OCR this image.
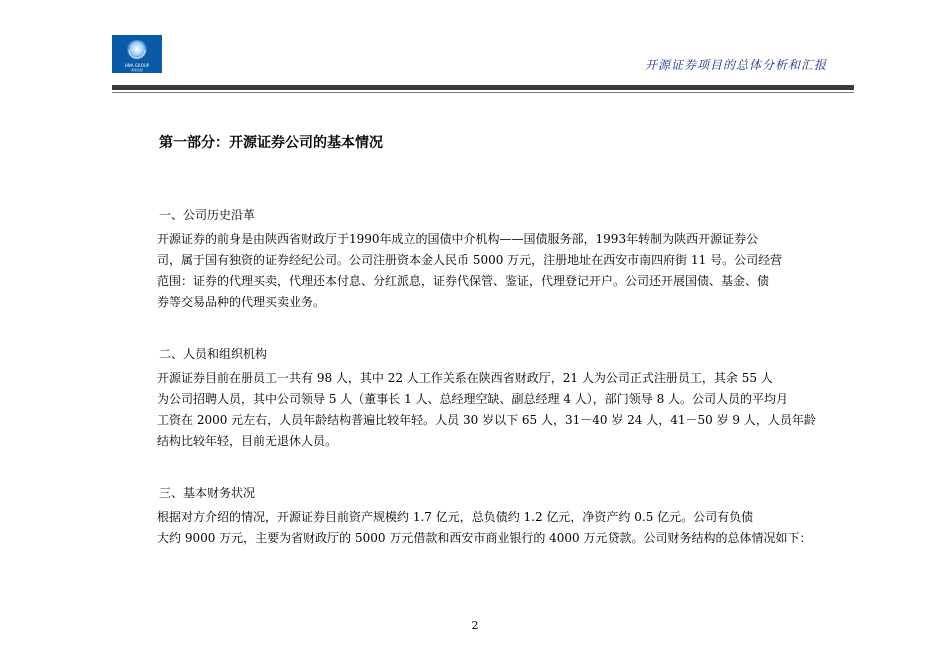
HNA GROUP
海航集团	开源证券项目的总体分析和汇报
第一部分：开源证券公司的基本情况

一、公司历史沿革

开源证券的前身是由陕西省财政厅于1990年成立的国债中介机构——国债服务部，1993年转制为陕西开源证券公

司，属于国有独资的证券经纪公司。公司注册资本金人民币 5000 万元，注册地址在西安市南四府街 11 号。公司经营

范围：证券的代理买卖，代理还本付息、分红派息，证券代保管、鉴证，代理登记开户。公司还开展国债、基金、债

券等交易品种的代理买卖业务。

二、人员和组织机构

开源证券目前在册员工一共有 98 人，其中 22 人工作关系在陕西省财政厅，21 人为公司正式注册员工，其余 55 人

为公司招聘人员，其中公司领导 5 人（董事长 1 人、总经理空缺、副总经理 4 人），部门领导 8 人。公司人员的平均月

工资在 2000 元左右，人员年龄结构普遍比较年轻。人员 30 岁以下 65 人，31－40 岁 24 人，41－50 岁 9 人，人员年龄

结构比较年轻，目前无退休人员。

三、基本财务状况

根据对方介绍的情况，开源证券目前资产规模约 1.7 亿元，总负债约 1.2 亿元，净资产约 0.5 亿元。公司有负债

大约 9000 万元，主要为省财政厅的 5000 万元借款和西安市商业银行的 4000 万元贷款。公司财务结构的总体情况如下：

2
